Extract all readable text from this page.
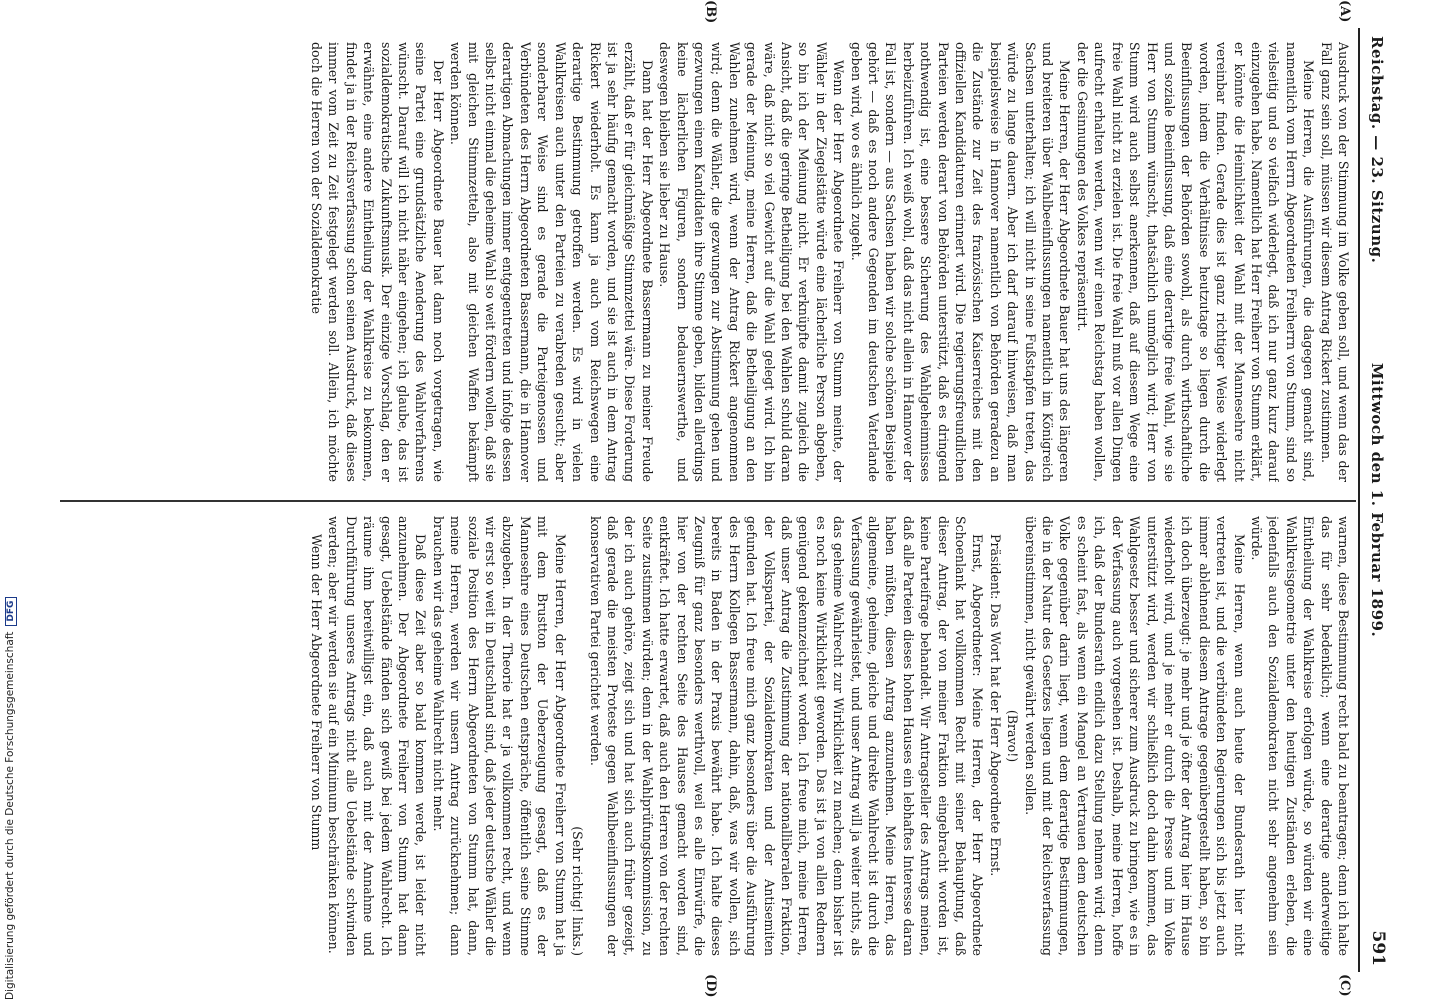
Reichstag. — 23. Sitzung.
Mittwoch den 1. Februar 1899.
591
(A)
(B)
(C)
(D)

Ausdruck von der Stimmung im Volke geben soll, und wenn das der Fall ganz sein soll, müssen wir diesem Antrag Rickert zustimmen.

Meine Herren, die Ausführungen, die dagegen gemacht sind, namentlich vom Herrn Abgeordneten Freiherrn von Stumm, sind so vielseitig und so vielfach widerlegt, daß ich nur ganz kurz darauf einzugehen habe. Namentlich hat Herr Freiherr von Stumm erklärt, er könnte die Heimlichkeit der Wahl mit der Mannesehre nicht vereinbar finden. Gerade dies ist ganz richtiger Weise widerlegt worden, indem die Verhältnisse heutzutage so liegen durch die Beeinflussungen der Behörden sowohl, als durch wirthschaftliche und soziale Beeinflussung, daß eine derartige freie Wahl, wie sie Herr von Stumm wünscht, thatsächlich unmöglich wird; Herr von Stumm wird auch selbst anerkennen, daß auf diesem Wege eine freie Wahl nicht zu erzielen ist. Die freie Wahl muß vor allen Dingen aufrecht erhalten werden, wenn wir einen Reichstag haben wollen, der die Gesinnungen des Volkes repräsentirt.

Meine Herren, der Herr Abgeordnete Bauer hat uns des längeren und breiteren über Wahlbeeinflussungen namentlich im Königreich Sachsen unterhalten; ich will nicht in seine Fußstapfen treten, das würde zu lange dauern. Aber ich darf darauf hinweisen, daß man beispielsweise in Hannover namentlich von Behörden geradezu an die Zustände zur Zeit des französischen Kaiserreiches mit den offiziellen Kandidaturen erinnert wird. Die regierungsfreundlichen Parteien werden derart von Behörden unterstützt, daß es dringend nothwendig ist, eine bessere Sicherung des Wahlgeheimnisses herbeizuführen. Ich weiß wohl, daß das nicht allein in Hannover der Fall ist, sondern — aus Sachsen haben wir solche schönen Beispiele gehört — daß es noch andere Gegenden im deutschen Vaterlande geben wird, wo es ähnlich zugeht.

Wenn der Herr Abgeordnete Freiherr von Stumm meinte, der Wähler in der Ziegelstätte würde eine lächerliche Person abgeben, so bin ich der Meinung nicht. Er verknüpfte damit zugleich die Ansicht, daß die geringe Betheiligung bei den Wahlen schuld daran wäre, daß nicht so viel Gewicht auf die Wahl gelegt wird. Ich bin gerade der Meinung, meine Herren, daß die Betheiligung an den Wahlen zunehmen wird, wenn der Antrag Rickert angenommen wird; denn die Wähler, die gezwungen zur Abstimmung gehen und gezwungen einem Kandidaten ihre Stimme geben, bilden allerdings keine lächerlichen Figuren, sondern bedauernswerthe, und deswegen bleiben sie lieber zu Hause.

Dann hat der Herr Abgeordnete Bassermann zu meiner Freude erzählt, daß er für gleichmäßige Stimmzettel wäre. Diese Forderung ist ja sehr häufig gemacht worden, und sie ist auch in dem Antrag Rickert wiederholt. Es kann ja auch vom Reichswegen eine derartige Bestimmung getroffen werden. Es wird in vielen Wahlkreisen auch unter den Parteien zu verabreden gesucht; aber sonderbarer Weise sind es gerade die Parteigenossen und Verbündeten des Herrn Abgeordneten Bassermann, die in Hannover derartigen Abmachungen immer entgegentreten und infolge dessen selbst nicht einmal die geheime Wahl so weit fördern wollen, daß sie mit gleichen Stimmzetteln, also mit gleichen Waffen bekämpft werden können.

Der Herr Abgeordnete Bauer hat dann noch vorgetragen, wie seine Partei eine grundsätzliche Aenderung des Wahlverfahrens wünscht. Darauf will ich nicht näher eingehen; ich glaube, das ist sozialdemokratische Zukunftsmusik. Der einzige Vorschlag, den er erwähnte, eine andere Eintheilung der Wahlkreise zu bekommen, findet ja in der Reichsverfassung schon seinen Ausdruck, daß dieses immer vom Zeit zu Zeit festgelegt werden soll. Allein, ich möchte doch die Herren von der Sozialdemokratie

warnen, diese Bestimmung recht bald zu beantragen; denn ich halte das für sehr bedenklich; wenn eine derartige anderweitige Eintheilung der Wahlkreise erfolgen würde, so würden wir eine Wahlkreisgeometrie unter den heutigen Zuständen erleben, die jedenfalls auch den Sozialdemokraten nicht sehr angenehm sein würde.

Meine Herren, wenn auch heute der Bundesrath hier nicht vertreten ist, und die verbündeten Regierungen sich bis jetzt auch immer ablehnend diesem Antrage gegenübergestellt haben, so bin ich doch überzeugt: je mehr und je öfter der Antrag hier im Hause wiederholt wird, und je mehr er durch die Presse und im Volke unterstützt wird, werden wir schließlich doch dahin kommen, das Wahlgesetz besser und sicherer zum Ausdruck zu bringen, wie es in der Verfassung auch vorgesehen ist. Deshalb, meine Herren, hoffe ich, daß der Bundesrath endlich dazu Stellung nehmen wird; denn es scheint fast, als wenn ein Mangel an Vertrauen dem deutschen Volke gegenüber darin liegt, wenn dem derartige Bestimmungen, die in der Natur des Gesetzes liegen und mit der Reichsverfassung übereinstimmen, nicht gewährt werden sollen.

(Bravo!)

Präsident: Das Wort hat der Herr Abgeordnete Ernst.

Ernst, Abgeordneter: Meine Herren, der Herr Abgeordnete Schoenlank hat vollkommen Recht mit seiner Behauptung, daß dieser Antrag, der von meiner Fraktion eingebracht worden ist, keine Parteifrage behandelt. Wir Antragsteller des Antrags meinen, daß alle Parteien dieses hohen Hauses ein lebhaftes Interesse daran haben müßten, diesen Antrag anzunehmen. Meine Herren, das allgemeine, geheime, gleiche und direkte Wahlrecht ist durch die Verfassung gewährleistet, und unser Antrag will ja weiter nichts, als das geheime Wahlrecht zur Wirklichkeit zu machen; denn bisher ist es noch keine Wirklichkeit geworden. Das ist ja von allen Rednern genügend gekennzeichnet worden. Ich freue mich, meine Herren, daß unser Antrag die Zustimmung der nationalliberalen Fraktion, der Volkspartei, der Sozialdemokraten und der Antisemiten gefunden hat. Ich freue mich ganz besonders über die Ausführung des Herrn Kollegen Bassermann, dahin, daß, was wir wollen, sich bereits in Baden in der Praxis bewährt habe. Ich halte dieses Zeugniß für ganz besonders werthvoll, weil es alle Einwürfe, die hier von der rechten Seite des Hauses gemacht worden sind, entkräftet. Ich hatte erwartet, daß auch den Herren von der rechten Seite zustimmen würden; denn in der Wahlprüfungskommission, zu der ich auch gehöre, zeigt sich und hat sich auch früher gezeigt, daß gerade die meisten Proteste gegen Wahlbeeinflussungen der konservativen Partei gerichtet werden.

(Sehr richtig! links.)

Meine Herren, der Herr Abgeordnete Freiherr von Stumm hat ja mit dem Brustton der Ueberzeugung gesagt, daß es der Mannesehre eines Deutschen entspräche, öffentlich seine Stimme abzugeben. In der Theorie hat er ja vollkommen recht, und wenn wir erst so weit in Deutschland sind, daß jeder deutsche Wähler die soziale Position des Herrn Abgeordneten von Stumm hat, dann, meine Herren, werden wir unsern Antrag zurücknehmen; dann brauchen wir das geheime Wahlrecht nicht mehr.

Daß diese Zeit aber so bald kommen werde, ist leider nicht anzunehmen. Der Abgeordnete Freiherr von Stumm hat dann gesagt, Uebelstände fänden sich gewiß bei jedem Wahlrecht. Ich räume ihm bereitwilligst ein, daß auch mit der Annahme und Durchführung unseres Antrags nicht alle Uebelstände schwinden werden; aber wir werden sie auf ein Minimum beschränken können.

Wenn der Herr Abgeordnete Freiherr von Stumm

Digitalisierung gefördert durch die Deutsche ForschungsgemeinschaftDFG
